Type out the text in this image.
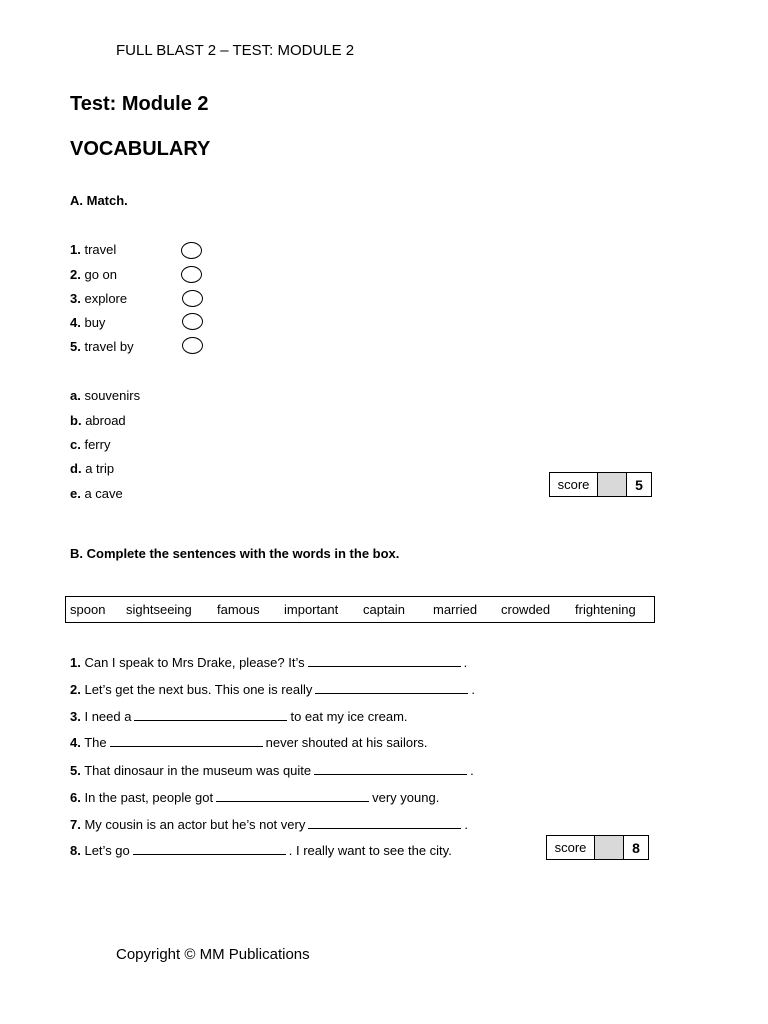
FULL BLAST 2 – TEST: MODULE 2
Test: Module 2
VOCABULARY
A. Match.
1. travel
2. go on
3. explore
4. buy
5. travel by
a. souvenirs
b. abroad
c. ferry
d. a trip
e. a cave
score	5
B. Complete the sentences with the words in the box.
spoon sightseeing famous important captain married crowded frightening
1. Can I speak to Mrs Drake, please? It’s	.
2. Let’s get the next bus. This one is really	.
3. I need a	to eat my ice cream.
4. The	never shouted at his sailors.
5. That dinosaur in the museum was quite	.
6. In the past, people got	very young.
7. My cousin is an actor but he’s not very	.
8. Let’s go	. I really want to see the city.	score	8
Copyright © MM Publications
